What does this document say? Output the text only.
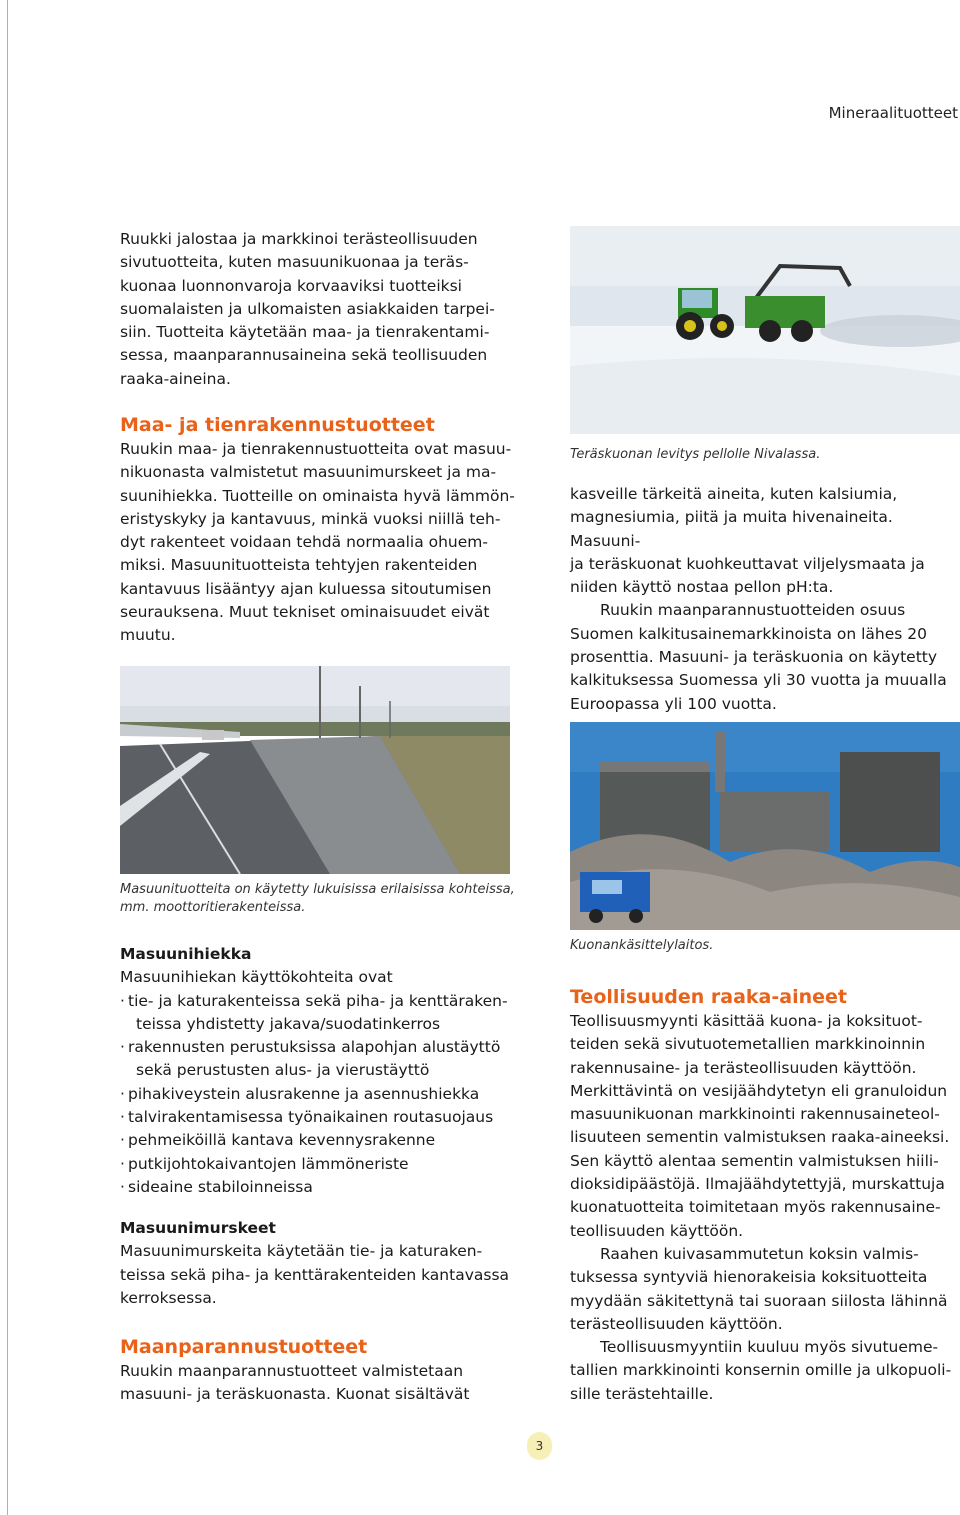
Mineraalituotteet

Ruukki jalostaa ja markkinoi terästeollisuuden

sivutuotteita, kuten masuunikuonaa ja teräs-

kuonaa luonnonvaroja korvaaviksi tuotteiksi

suomalaisten ja ulkomaisten asiakkaiden tarpei-

siin. Tuotteita käytetään maa- ja tienrakentami-

sessa, maanparannusaineina sekä teollisuuden

raaka-aineina.

Maa- ja tienrakennustuotteet

Ruukin maa- ja tienrakennustuotteita ovat masuu-

nikuonasta valmistetut masuunimurskeet ja ma-

suunihiekka. Tuotteille on ominaista hyvä lämmön-

eristyskyky ja kantavuus, minkä vuoksi niillä teh-

dyt rakenteet voidaan tehdä normaalia ohuem-

miksi. Masuunituotteista tehtyjen rakenteiden

kantavuus lisääntyy ajan kuluessa sitoutumisen

seurauksena. Muut tekniset ominaisuudet eivät

muutu.

Teräskuonan levitys pellolle Nivalassa.

kasveille tärkeitä aineita, kuten kalsiumia,

magnesiumia, piitä ja muita hivenaineita. Masuuni-

ja teräskuonat kuohkeuttavat viljelysmaata ja

niiden käyttö nostaa pellon pH:ta.

Ruukin maanparannustuotteiden osuus

Suomen kalkitusainemarkkinoista on lähes 20

prosenttia. Masuuni- ja teräskuonia on käytetty

kalkituksessa Suomessa yli 30 vuotta ja muualla

Euroopassa yli 100 vuotta.

Masuunituotteita on käytetty lukuisissa erilaisissa kohteissa,
mm. moottoritierakenteissa.

Kuonankäsittelylaitos.

Masuunihiekka

Masuunihiekan käyttökohteita ovat

· tie- ja katurakenteissa sekä piha- ja kenttäraken-
teissa yhdistetty jakava/suodatinkerros
· rakennusten perustuksissa alapohjan alustäyttö
sekä perustusten alus- ja vierustäyttö
· pihakiveystein alusrakenne ja asennushiekka
· talvirakentamisessa työnaikainen routasuojaus
· pehmeiköillä kantava kevennysrakenne
· putkijohtokaivantojen lämmöneriste
· sideaine stabiloinneissa
Masuunimurskeet

Masuunimurskeita käytetään tie- ja katuraken-

teissa sekä piha- ja kenttärakenteiden kantavassa

kerroksessa.

Maanparannustuotteet

Ruukin maanparannustuotteet valmistetaan

masuuni- ja teräskuonasta. Kuonat sisältävät

Teollisuuden raaka-aineet

Teollisuusmyynti käsittää kuona- ja koksituot-

teiden sekä sivutuotemetallien markkinoinnin

rakennusaine- ja terästeollisuuden käyttöön.

Merkittävintä on vesijäähdytetyn eli granuloidun

masuunikuonan markkinointi rakennusaineteol-

lisuuteen sementin valmistuksen raaka-aineeksi.

Sen käyttö alentaa sementin valmistuksen hiili-

dioksidipäästöjä. Ilmajäähdytettyjä, murskattuja

kuonatuotteita toimitetaan myös rakennusaine-

teollisuuden käyttöön.

Raahen kuivasammutetun koksin valmis-

tuksessa syntyviä hienorakeisia koksituotteita

myydään säkitettynä tai suoraan siilosta lähinnä

terästeollisuuden käyttöön.

Teollisuusmyyntiin kuuluu myös sivutueme-

tallien markkinointi konsernin omille ja ulkopuoli-

sille terästehtaille.

3
